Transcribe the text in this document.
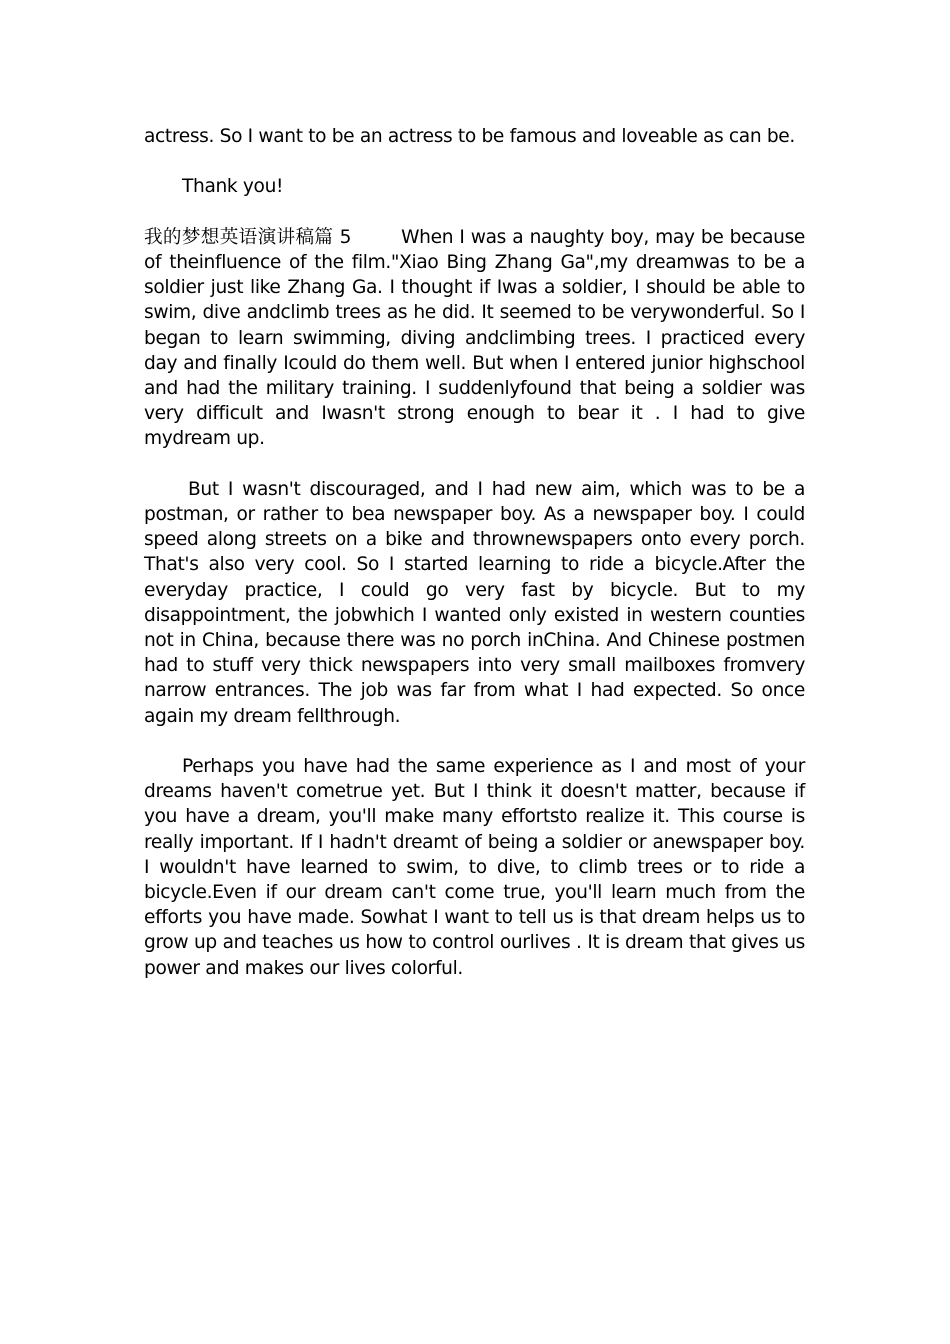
actress. So I want to be an actress to be famous and loveable as can be.

Thank you!

我的梦想英语演讲稿篇 5	When I was a naughty boy, may be because of theinfluence of the film."Xiao Bing Zhang Ga",my dreamwas to be a soldier just like Zhang Ga. I thought if Iwas a soldier, I should be able to swim, dive andclimb trees as he did. It seemed to be verywonderful. So I began to learn swimming, diving andclimbing trees. I practiced every day and finally Icould do them well. But when I entered junior highschool and had the military training. I suddenlyfound that being a soldier was very difficult and Iwasn't strong enough to bear it . I had to give mydream up.

But I wasn't discouraged, and I had new aim, which was to be a postman, or rather to bea newspaper boy. As a newspaper boy. I could speed along streets on a bike and thrownewspapers onto every porch. That's also very cool. So I started learning to ride a bicycle.After the everyday practice, I could go very fast by bicycle. But to my disappointment, the jobwhich I wanted only existed in western counties not in China, because there was no porch inChina. And Chinese postmen had to stuff very thick newspapers into very small mailboxes fromvery narrow entrances. The job was far from what I had expected. So once again my dream fellthrough.

Perhaps you have had the same experience as I and most of your dreams haven't cometrue yet. But I think it doesn't matter, because if you have a dream, you'll make many effortsto realize it. This course is really important. If I hadn't dreamt of being a soldier or anewspaper boy. I wouldn't have learned to swim, to dive, to climb trees or to ride a bicycle.Even if our dream can't come true, you'll learn much from the efforts you have made. Sowhat I want to tell us is that dream helps us to grow up and teaches us how to control ourlives . It is dream that gives us power and makes our lives colorful.
